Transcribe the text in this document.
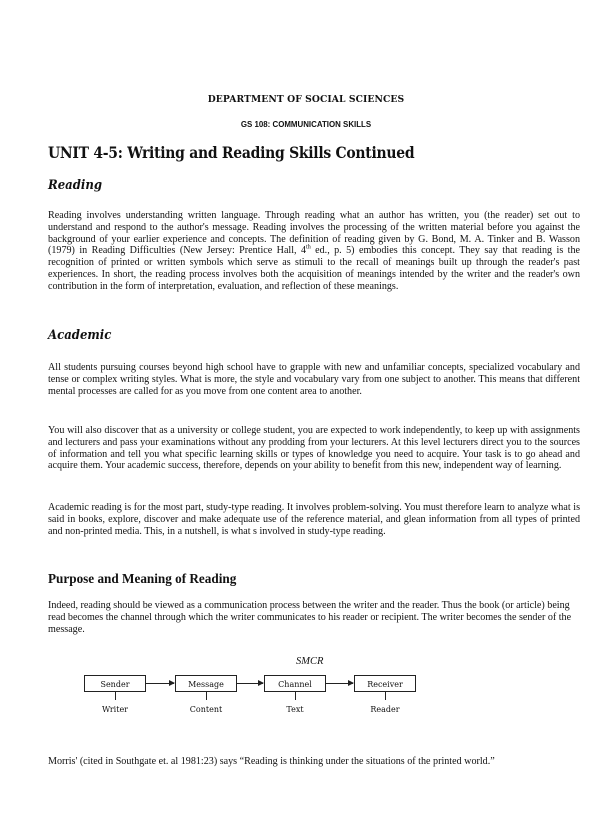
DEPARTMENT OF SOCIAL SCIENCES
GS 108: COMMUNICATION SKILLS
UNIT 4-5: Writing and Reading Skills Continued
Reading
Reading involves understanding written language. Through reading what an author has written, you (the reader) set out to understand and respond to the author's message. Reading involves the processing of the written material before you against the background of your earlier experience and concepts. The definition of reading given by G. Bond, M. A. Tinker and B. Wasson (1979) in Reading Difficulties (New Jersey: Prentice Hall, 4th ed., p. 5) embodies this concept. They say that reading is the recognition of printed or written symbols which serve as stimuli to the recall of meanings built up through the reader's past experiences. In short, the reading process involves both the acquisition of meanings intended by the writer and the reader's own contribution in the form of interpretation, evaluation, and reflection of these meanings.
Academic
All students pursuing courses beyond high school have to grapple with new and unfamiliar concepts, specialized vocabulary and tense or complex writing styles. What is more, the style and vocabulary vary from one subject to another. This means that different mental processes are called for as you move from one content area to another.
You will also discover that as a university or college student, you are expected to work independently, to keep up with assignments and lecturers and pass your examinations without any prodding from your lecturers. At this level lecturers direct you to the sources of information and tell you what specific learning skills or types of knowledge you need to acquire. Your task is to go ahead and acquire them. Your academic success, therefore, depends on your ability to benefit from this new, independent way of learning.
Academic reading is for the most part, study-type reading. It involves problem-solving. You must therefore learn to analyze what is said in books, explore, discover and make adequate use of the reference material, and glean information from all types of printed and non-printed media. This, in a nutshell, is what s involved in study-type reading.
Purpose and Meaning of Reading
Indeed, reading should be viewed as a communication process between the writer and the reader. Thus the book (or article) being read becomes the channel through which the writer communicates to his reader or recipient. The writer becomes the sender of the message.
SMCR
Sender	Message	Channel	Receiver
Writer	Content	Text	Reader
Morris' (cited in Southgate et. al 1981:23) says “Reading is thinking under the situations of the printed world.”
